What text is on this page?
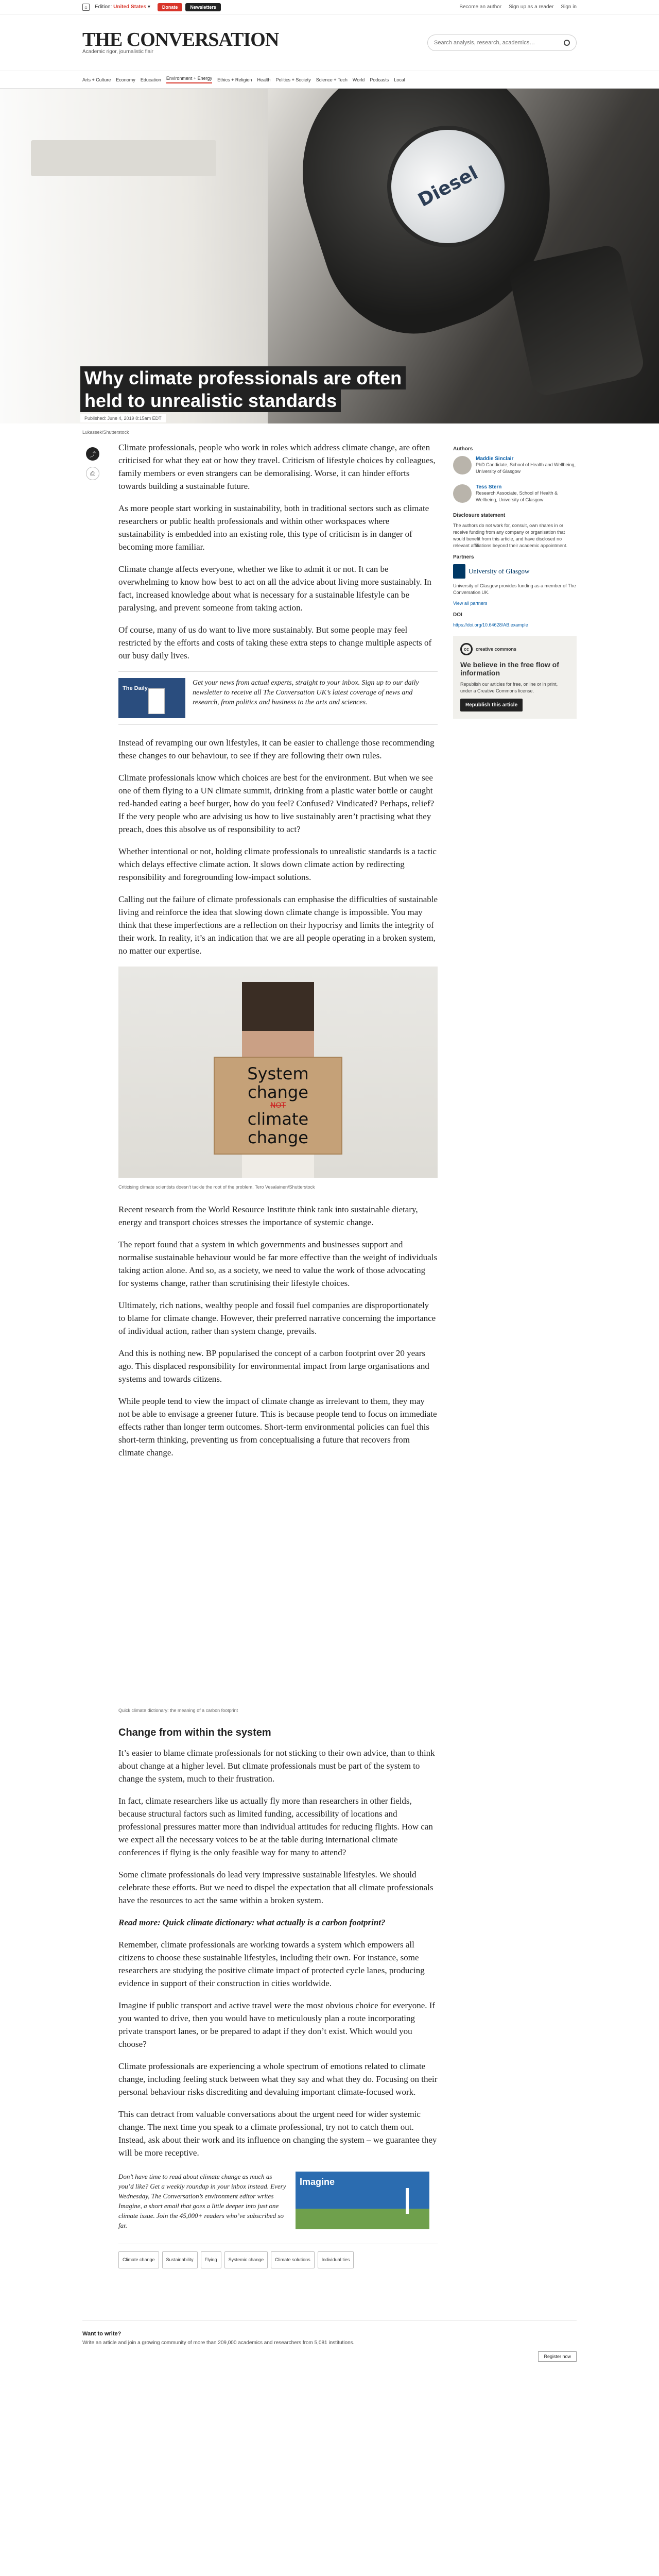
⌂	Edition: United States ▾	Donate	Newsletters	Become an author Sign up as a reader Sign in
THE CONVERSATION
Academic rigor, journalistic flair
Search analysis, research, academics…
Arts + Culture Economy Education Environment + Energy Ethics + Religion Health Politics + Society Science + Tech World Podcasts Local
Diesel
Why climate professionals are often held to unrealistic standards
Published: June 4, 2019 8:15am EDT
Lukassek/Shutterstock
⤴
⎙

Climate professionals, people who work in roles which address climate change, are often criticised for what they eat or how they travel. Criticism of lifestyle choices by colleagues, family members or even strangers can be demoralising. Worse, it can hinder efforts towards building a sustainable future.

As more people start working in sustainability, both in traditional sectors such as climate researchers or public health professionals and within other workspaces where sustainability is embedded into an existing role, this type of criticism is in danger of becoming more familiar.

Climate change affects everyone, whether we like to admit it or not. It can be overwhelming to know how best to act on all the advice about living more sustainably. In fact, increased knowledge about what is necessary for a sustainable lifestyle can be paralysing, and prevent someone from taking action.

Of course, many of us do want to live more sustainably. But some people may feel restricted by the efforts and costs of taking these extra steps to change multiple aspects of our busy daily lives.

The Daily
Get your news from actual experts, straight to your inbox. Sign up to our daily newsletter to receive all The Conversation UK’s latest coverage of news and research, from politics and business to the arts and sciences.

Instead of revamping our own lifestyles, it can be easier to challenge those recommending these changes to our behaviour, to see if they are following their own rules.

Climate professionals know which choices are best for the environment. But when we see one of them flying to a UN climate summit, drinking from a plastic water bottle or caught red-handed eating a beef burger, how do you feel? Confused? Vindicated? Perhaps, relief? If the very people who are advising us how to live sustainably aren’t practising what they preach, does this absolve us of responsibility to act?

Whether intentional or not, holding climate professionals to unrealistic standards is a tactic which delays effective climate action. It slows down climate action by redirecting responsibility and foregrounding low-impact solutions.

Calling out the failure of climate professionals can emphasise the difficulties of sustainable living and reinforce the idea that slowing down climate change is impossible. You may think that these imperfections are a reflection on their hypocrisy and limits the integrity of their work. In reality, it’s an indication that we are all people operating in a broken system, no matter our expertise.

System
change
NOT
climate
change
Criticising climate scientists doesn’t tackle the root of the problem. Tero Vesalainen/Shutterstock

Recent research from the World Resource Institute think tank into sustainable dietary, energy and transport choices stresses the importance of systemic change.

The report found that a system in which governments and businesses support and normalise sustainable behaviour would be far more effective than the weight of individuals taking action alone. And so, as a society, we need to value the work of those advocating for systems change, rather than scrutinising their lifestyle choices.

Ultimately, rich nations, wealthy people and fossil fuel companies are disproportionately to blame for climate change. However, their preferred narrative concerning the importance of individual action, rather than system change, prevails.

And this is nothing new. BP popularised the concept of a carbon footprint over 20 years ago. This displaced responsibility for environmental impact from large organisations and systems and towards citizens.

While people tend to view the impact of climate change as irrelevant to them, they may not be able to envisage a greener future. This is because people tend to focus on immediate effects rather than longer term outcomes. Short-term environmental policies can fuel this short-term thinking, preventing us from conceptualising a future that recovers from climate change.

Quick climate dictionary: the meaning of a carbon footprint
Change from within the system

It’s easier to blame climate professionals for not sticking to their own advice, than to think about change at a higher level. But climate professionals must be part of the system to change the system, much to their frustration.

In fact, climate researchers like us actually fly more than researchers in other fields, because structural factors such as limited funding, accessibility of locations and professional pressures matter more than individual attitudes for reducing flights. How can we expect all the necessary voices to be at the table during international climate conferences if flying is the only feasible way for many to attend?

Some climate professionals do lead very impressive sustainable lifestyles. We should celebrate these efforts. But we need to dispel the expectation that all climate professionals have the resources to act the same within a broken system.

Read more: Quick climate dictionary: what actually is a carbon footprint?

Remember, climate professionals are working towards a system which empowers all citizens to choose these sustainable lifestyles, including their own. For instance, some researchers are studying the positive climate impact of protected cycle lanes, producing evidence in support of their construction in cities worldwide.

Imagine if public transport and active travel were the most obvious choice for everyone. If you wanted to drive, then you would have to meticulously plan a route incorporating private transport lanes, or be prepared to adapt if they don’t exist. Which would you choose?

Climate professionals are experiencing a whole spectrum of emotions related to climate change, including feeling stuck between what they say and what they do. Focusing on their personal behaviour risks discrediting and devaluing important climate-focused work.

This can detract from valuable conversations about the urgent need for wider systemic change. The next time you speak to a climate professional, try not to catch them out. Instead, ask about their work and its influence on changing the system – we guarantee they will be more receptive.

Don’t have time to read about climate change as much as you’d like? Get a weekly roundup in your inbox instead. Every Wednesday, The Conversation’s environment editor writes Imagine, a short email that goes a little deeper into just one climate issue. Join the 45,000+ readers who’ve subscribed so far.
Imagine
Climate change	Sustainability	Flying	Systemic change	Climate solutions	Individual ties
Authors
Maddie Sinclair

PhD Candidate, School of Health and Wellbeing, University of Glasgow

Tess Stern

Research Associate, School of Health & Wellbeing, University of Glasgow

Disclosure statement

The authors do not work for, consult, own shares in or receive funding from any company or organisation that would benefit from this article, and have disclosed no relevant affiliations beyond their academic appointment.

Partners
University of Glasgow

University of Glasgow provides funding as a member of The Conversation UK.

View all partners

DOI

https://doi.org/10.64628/AB.example

cc	creative commons
We believe in the free flow of information

Republish our articles for free, online or in print, under a Creative Commons license.

Republish this article
Want to write?

Write an article and join a growing community of more than 209,000 academics and researchers from 5,081 institutions.

Register now
